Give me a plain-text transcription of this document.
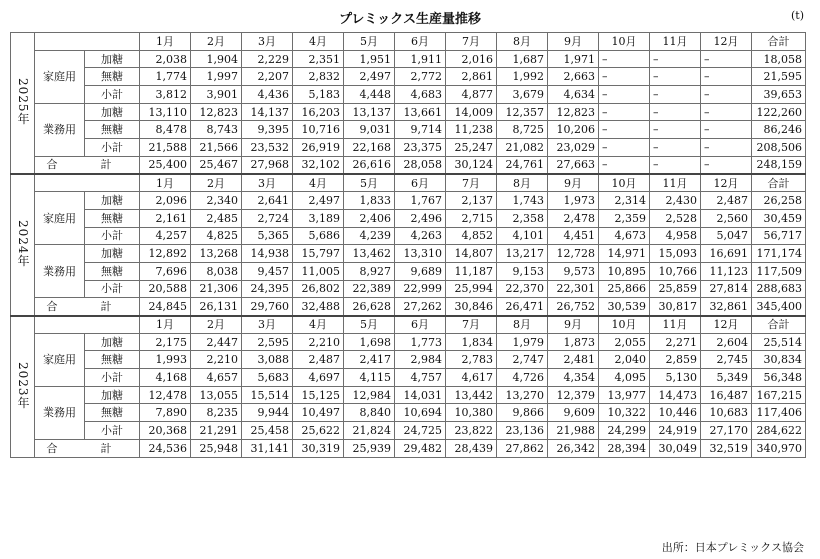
プレミックス生産量推移	(t)
2025年			1月	2月	3月	4月	5月	6月	7月	8月	9月	10月	11月	12月	合計
	家庭用	加糖	2,038	1,904	2,229	2,351	1,951	1,911	2,016	1,687	1,971	–	–	–	18,058
		無糖	1,774	1,997	2,207	2,832	2,497	2,772	2,861	1,992	2,663	–	–	–	21,595
		小計	3,812	3,901	4,436	5,183	4,448	4,683	4,877	3,679	4,634	–	–	–	39,653
	業務用	加糖	13,110	12,823	14,137	16,203	13,137	13,661	14,009	12,357	12,823	–	–	–	122,260
		無糖	8,478	8,743	9,395	10,716	9,031	9,714	11,238	8,725	10,206	–	–	–	86,246
		小計	21,588	21,566	23,532	26,919	22,168	23,375	25,247	21,082	23,029	–	–	–	208,506
	合　計		25,400	25,467	27,968	32,102	26,616	28,058	30,124	24,761	27,663	–	–	–	248,159
2024年			1月	2月	3月	4月	5月	6月	7月	8月	9月	10月	11月	12月	合計
	家庭用	加糖	2,096	2,340	2,641	2,497	1,833	1,767	2,137	1,743	1,973	2,314	2,430	2,487	26,258
		無糖	2,161	2,485	2,724	3,189	2,406	2,496	2,715	2,358	2,478	2,359	2,528	2,560	30,459
		小計	4,257	4,825	5,365	5,686	4,239	4,263	4,852	4,101	4,451	4,673	4,958	5,047	56,717
	業務用	加糖	12,892	13,268	14,938	15,797	13,462	13,310	14,807	13,217	12,728	14,971	15,093	16,691	171,174
		無糖	7,696	8,038	9,457	11,005	8,927	9,689	11,187	9,153	9,573	10,895	10,766	11,123	117,509
		小計	20,588	21,306	24,395	26,802	22,389	22,999	25,994	22,370	22,301	25,866	25,859	27,814	288,683
	合　計		24,845	26,131	29,760	32,488	26,628	27,262	30,846	26,471	26,752	30,539	30,817	32,861	345,400
2023年			1月	2月	3月	4月	5月	6月	7月	8月	9月	10月	11月	12月	合計
	家庭用	加糖	2,175	2,447	2,595	2,210	1,698	1,773	1,834	1,979	1,873	2,055	2,271	2,604	25,514
		無糖	1,993	2,210	3,088	2,487	2,417	2,984	2,783	2,747	2,481	2,040	2,859	2,745	30,834
		小計	4,168	4,657	5,683	4,697	4,115	4,757	4,617	4,726	4,354	4,095	5,130	5,349	56,348
	業務用	加糖	12,478	13,055	15,514	15,125	12,984	14,031	13,442	13,270	12,379	13,977	14,473	16,487	167,215
		無糖	7,890	8,235	9,944	10,497	8,840	10,694	10,380	9,866	9,609	10,322	10,446	10,683	117,406
		小計	20,368	21,291	25,458	25,622	21,824	24,725	23,822	23,136	21,988	24,299	24,919	27,170	284,622
	合　計		24,536	25,948	31,141	30,319	25,939	29,482	28,439	27,862	26,342	28,394	30,049	32,519	340,970
出所：日本プレミックス協会
